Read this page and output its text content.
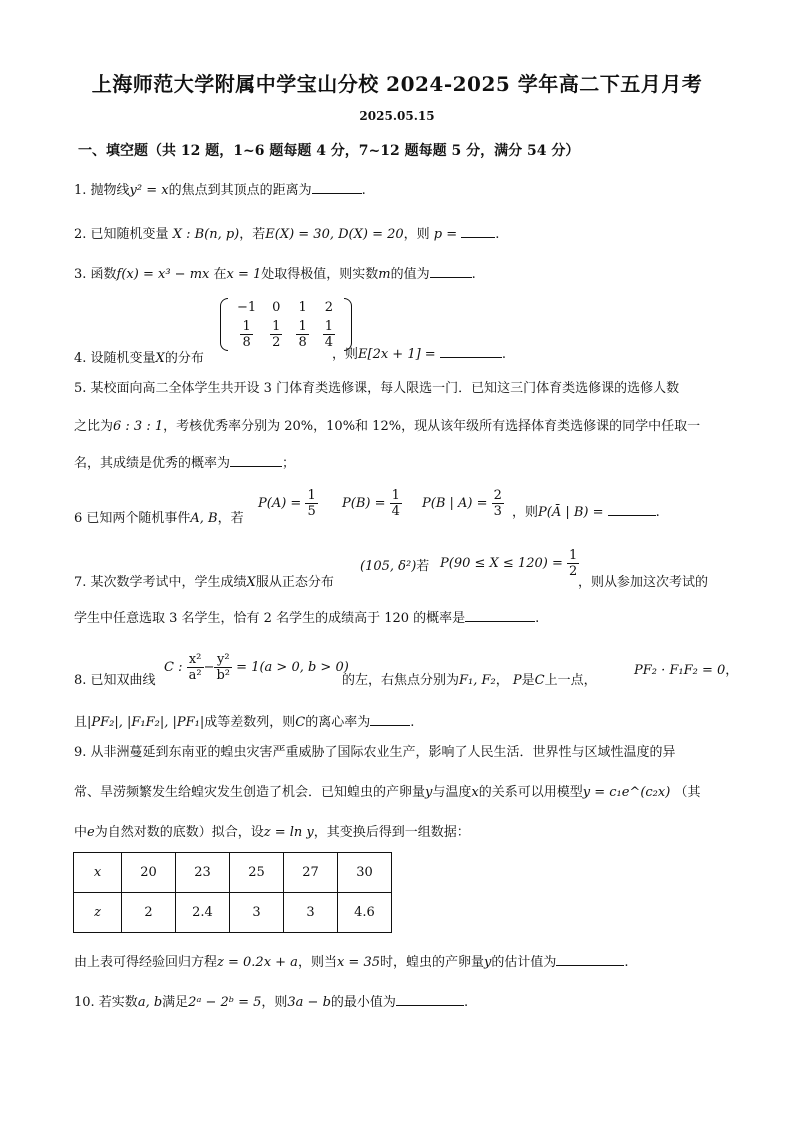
上海师范大学附属中学宝山分校 2024-2025 学年高二下五月月考
2025.05.15
一、填空题（共 12 题，1~6 题每题 4 分，7~12 题每题 5 分，满分 54 分）
1. 抛物线y² = x的焦点到其顶点的距离为	.
2. 已知随机变量 X : B(n, p)，若E(X) = 30, D(X) = 20，则 p =	.
3. 函数f(x) = x³ − mx 在x = 1处取得极值，则实数m的值为	.
4. 设随机变量X的分布
−1	0	1	2

$\frac{1}{8}$	$\frac{1}{2}$	$\frac{1}{8}$	$\frac{1}{4}$
，则E[2x + 1] =	.
5. 某校面向高二全体学生共开设 3 门体育类选修课，每人限选一门．已知这三门体育类选修课的选修人数
之比为6 : 3 : 1，考核优秀率分别为 20%，10%和 12%，现从该年级所有选择体育类选修课的同学中任取一
名，其成绩是优秀的概率为	；
6 已知两个随机事件A, B，若
$P(A) = \frac{1}{5} P(B) = \frac{1}{4} P(B$ | $A) = \frac{2}{3}$ ，则P(Ā | B) =	.
7. 某次数学考试中，学生成绩X服从正态分布
(105, δ²)若 $P(90 \le X \le 120) = \frac{1}{2}$
，则从参加这次考试的
学生中任意选取 3 名学生，恰有 2 名学生的成绩高于 120 的概率是	.
8. 已知双曲线
C : $\frac{\text{x²}}{\text{a²}} - \frac{\text{y²}}{\text{b²}} = 1(a > 0$, b > 0)
的左，右焦点分别为F₁, F₂， P是C上一点，
PF₂ · F₁F₂ = 0，
且|PF₂|, |F₁F₂|, |PF₁|成等差数列，则C的离心率为	.
9. 从非洲蔓延到东南亚的蝗虫灾害严重威胁了国际农业生产，影响了人民生活．世界性与区域性温度的异
常、旱涝频繁发生给蝗灾发生创造了机会．已知蝗虫的产卵量y与温度x的关系可以用模型y = c₁e^(c₂x) （其
中e为自然对数的底数）拟合，设z = ln y，其变换后得到一组数据：
x	20	23	25	27	30
z	2	2.4	3	3	4.6
由上表可得经验回归方程z = 0.2x + a，则当x = 35时，蝗虫的产卵量y的估计值为	.
10. 若实数a, b满足2ᵃ − 2ᵇ = 5，则3a − b的最小值为	.
